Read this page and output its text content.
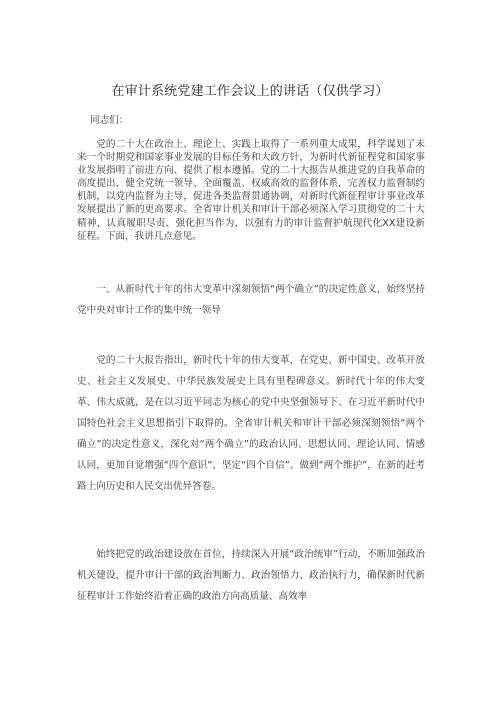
在审计系统党建工作会议上的讲话（仅供学习）
同志们：
党的二十大在政治上、理论上、实践上取得了一系列重大成果，科学谋划了未来一个时期党和国家事业发展的目标任务和大政方针，为新时代新征程党和国家事业发展指明了前进方向、提供了根本遵循。党的二十大报告从推进党的自我革命的高度提出，健全党统一领导、全面覆盖、权威高效的监督体系，完善权力监督制约机制，以党内监督为主导，促进各类监督贯通协调，对新时代新征程审计事业改革发展提出了新的更高要求。全省审计机关和审计干部必须深入学习贯彻党的二十大精神，认真履职尽责、强化担当作为，以强有力的审计监督护航现代化XX建设新征程。下面，我讲几点意见。
一、从新时代十年的伟大变革中深刻领悟“两个确立”的决定性意义，始终坚持党中央对审计工作的集中统一领导
党的二十大报告指出，新时代十年的伟大变革，在党史、新中国史、改革开放史、社会主义发展史、中华民族发展史上具有里程碑意义。新时代十年的伟大变革、伟大成就，是在以习近平同志为核心的党中央坚强领导下、在习近平新时代中国特色社会主义思想指引下取得的。全省审计机关和审计干部必须深刻领悟“两个确立”的决定性意义，深化对“两个确立”的政治认同、思想认同、理论认同、情感认同，更加自觉增强“四个意识”、坚定“四个自信”、做到“两个维护”，在新的赶考路上向历史和人民交出优异答卷。
始终把党的政治建设放在首位，持续深入开展“政治统审”行动，不断加强政治机关建设，提升审计干部的政治判断力、政治领悟力、政治执行力，确保新时代新征程审计工作始终沿着正确的政治方向高质量、高效率
